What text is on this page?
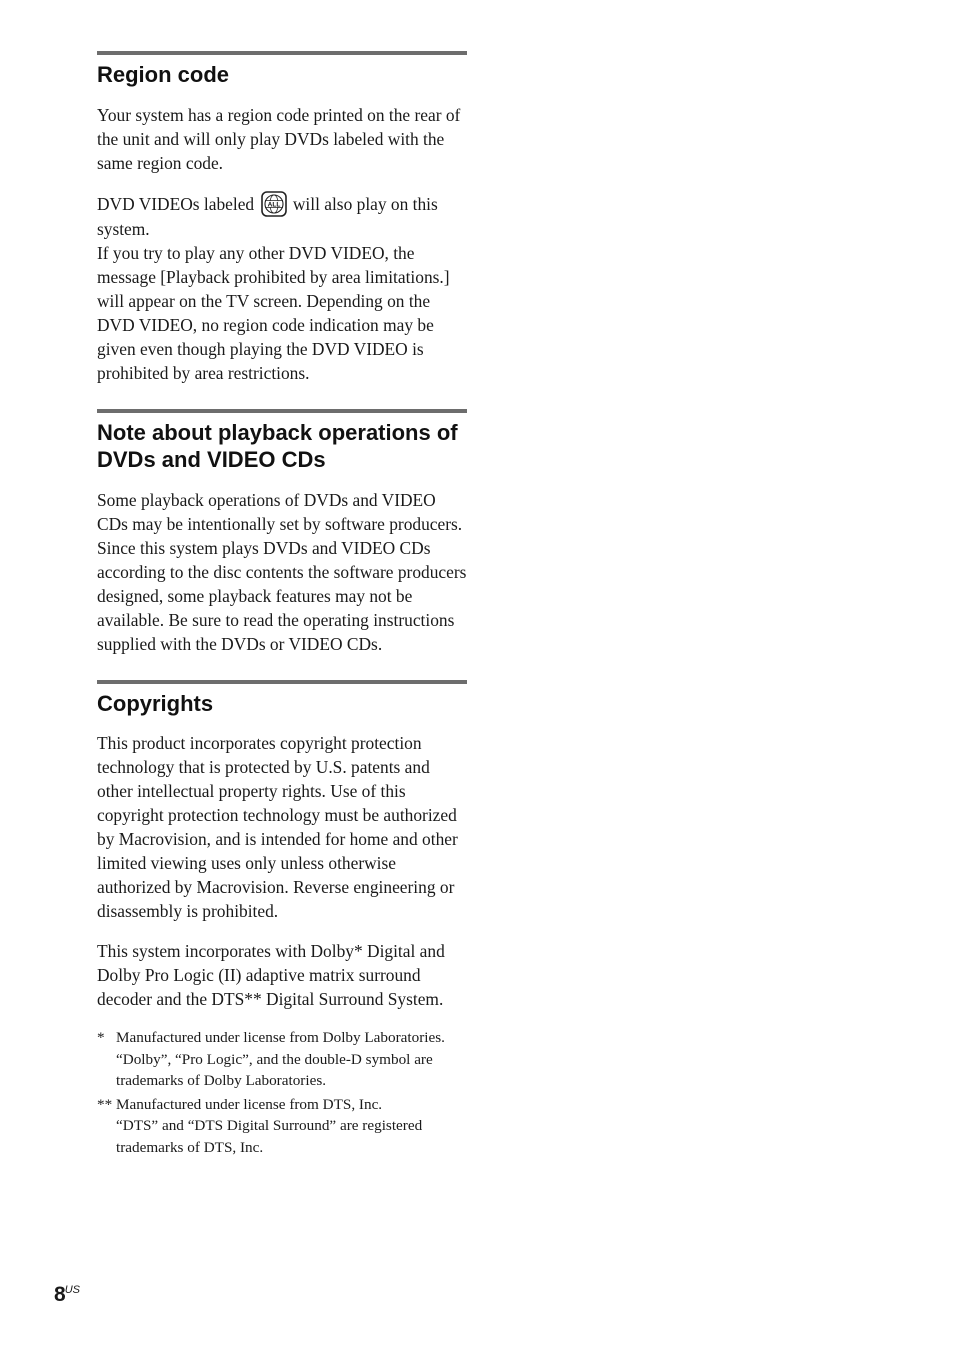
Region code

Your system has a region code printed on the rear of the unit and will only play DVDs labeled with the same region code.

DVD VIDEOs labeled ALL will also play on this system.

If you try to play any other DVD VIDEO, the message [Playback prohibited by area limitations.] will appear on the TV screen. Depending on the DVD VIDEO, no region code indication may be given even though playing the DVD VIDEO is prohibited by area restrictions.

Note about playback operations of DVDs and VIDEO CDs

Some playback operations of DVDs and VIDEO CDs may be intentionally set by software producers. Since this system plays DVDs and VIDEO CDs according to the disc contents the software producers designed, some playback features may not be available. Be sure to read the operating instructions supplied with the DVDs or VIDEO CDs.

Copyrights

This product incorporates copyright protection technology that is protected by U.S. patents and other intellectual property rights. Use of this copyright protection technology must be authorized by Macrovision, and is intended for home and other limited viewing uses only unless otherwise authorized by Macrovision. Reverse engineering or disassembly is prohibited.

This system incorporates with Dolby* Digital and Dolby Pro Logic (II) adaptive matrix surround decoder and the DTS** Digital Surround System.

* Manufactured under license from Dolby Laboratories.
“Dolby”, “Pro Logic”, and the double-D symbol are trademarks of Dolby Laboratories.
** Manufactured under license from DTS, Inc.
“DTS” and “DTS Digital Surround” are registered trademarks of DTS, Inc.
$8^{US}$
